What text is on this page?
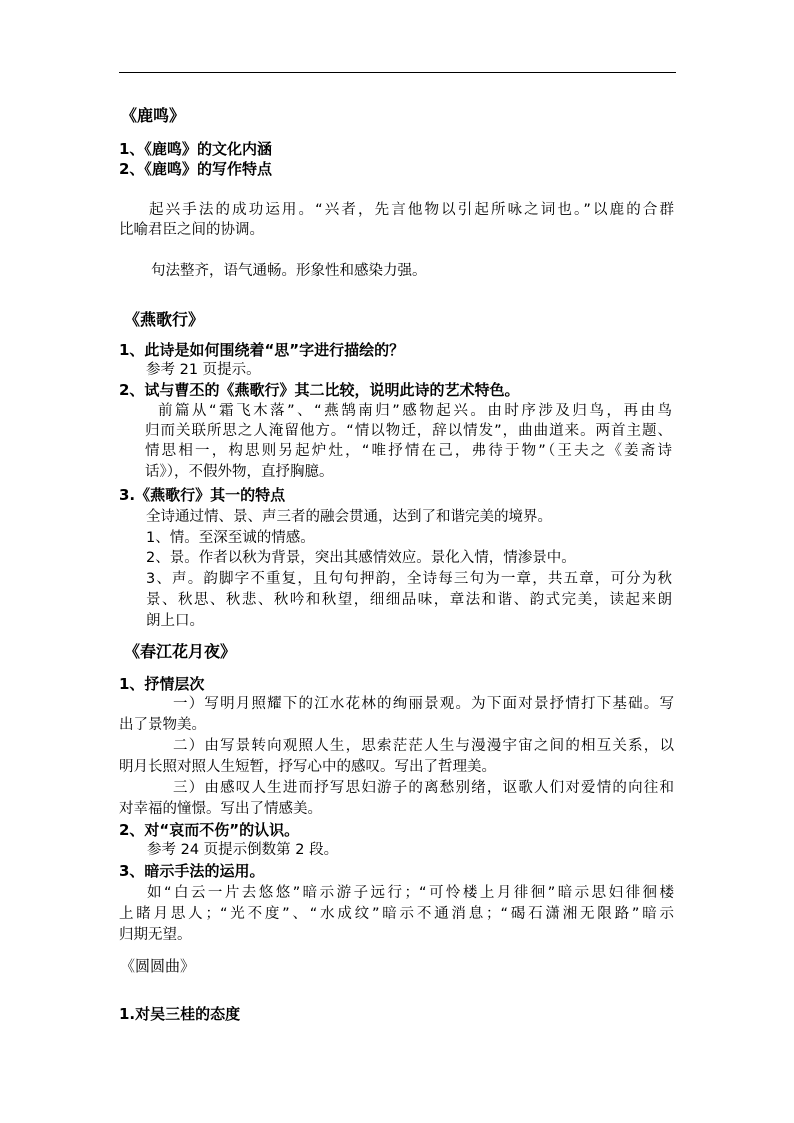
《鹿鸣》
1、《鹿鸣》的文化内涵
2、《鹿鸣》的写作特点
起兴手法的成功运用。“兴者，先言他物以引起所咏之词也。”以鹿的合群
比喻君臣之间的协调。
句法整齐，语气通畅。形象性和感染力强。
《燕歌行》
1、此诗是如何围绕着“思”字进行描绘的？
参考 21 页提示。
2、试与曹丕的《燕歌行》其二比较，说明此诗的艺术特色。
前篇从“霜飞木落”、“燕鹄南归”感物起兴。由时序涉及归鸟，再由鸟
归而关联所思之人淹留他方。“情以物迁，辞以情发”，曲曲道来。两首主题、
情思相一，构思则另起炉灶，“唯抒情在己，弗待于物”（王夫之《姜斋诗
话》），不假外物，直抒胸臆。
3.《燕歌行》其一的特点
全诗通过情、景、声三者的融会贯通，达到了和谐完美的境界。
1、情。至深至诚的情感。
2、景。作者以秋为背景，突出其感情效应。景化入情，情渗景中。
3、声。韵脚字不重复，且句句押韵，全诗每三句为一章，共五章，可分为秋
景、秋思、秋悲、秋吟和秋望，细细品味，章法和谐、韵式完美，读起来朗
朗上口。
《春江花月夜》
1、抒情层次
一）写明月照耀下的江水花林的绚丽景观。为下面对景抒情打下基础。写
出了景物美。
二）由写景转向观照人生，思索茫茫人生与漫漫宇宙之间的相互关系，以
明月长照对照人生短暂，抒写心中的感叹。写出了哲理美。
三）由感叹人生进而抒写思妇游子的离愁别绪，讴歌人们对爱情的向往和
对幸福的憧憬。写出了情感美。
2、对“哀而不伤”的认识。
参考 24 页提示倒数第 2 段。
3、暗示手法的运用。
如“白云一片去悠悠”暗示游子远行；“可怜楼上月徘徊”暗示思妇徘徊楼
上睹月思人；“光不度”、“水成纹”暗示不通消息；“碣石潇湘无限路”暗示
归期无望。
《圆圆曲》
1.对吴三桂的态度
